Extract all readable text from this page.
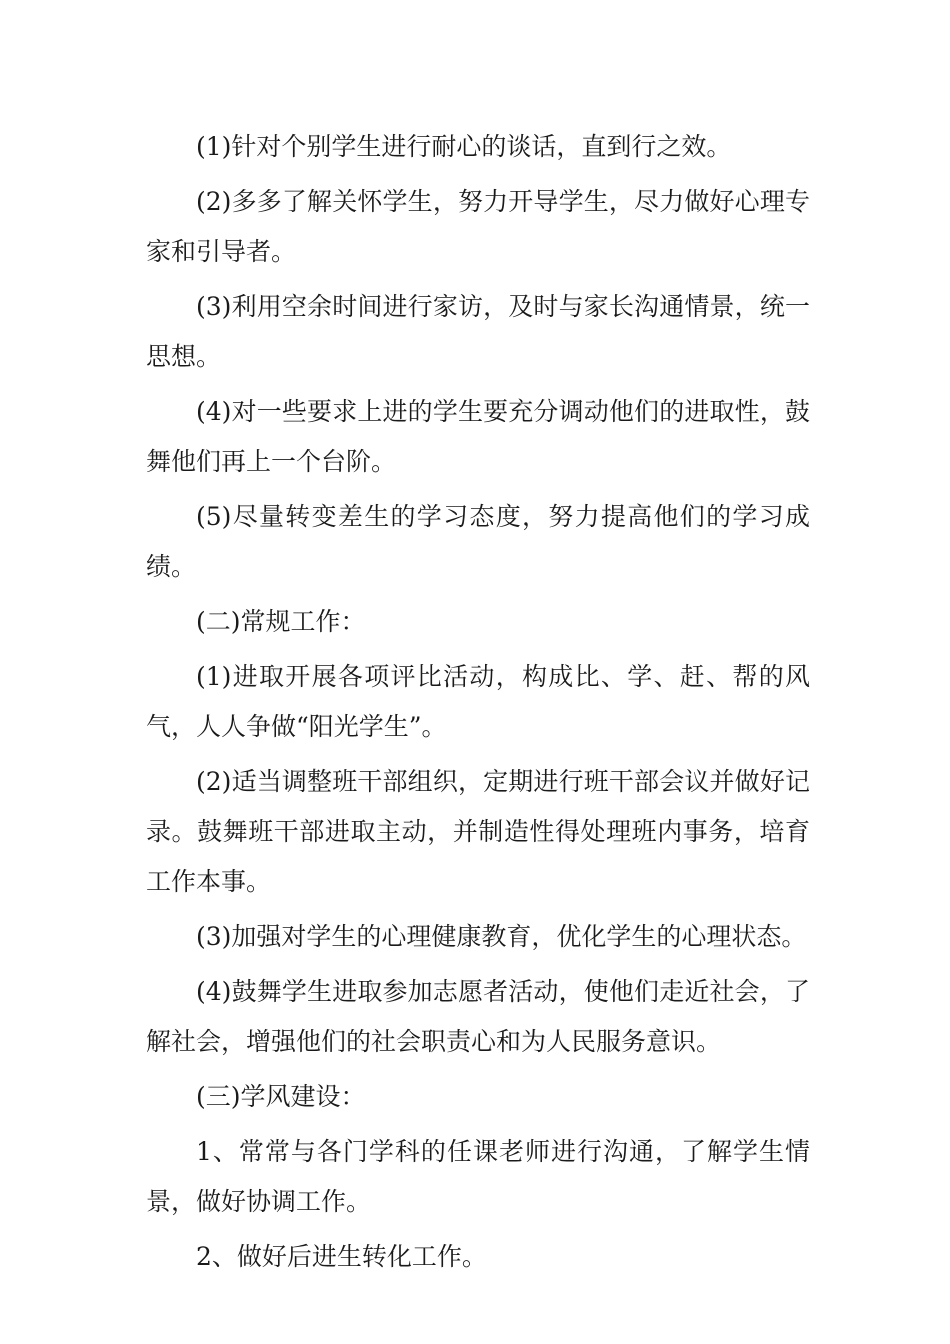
(1)针对个别学生进行耐心的谈话，直到行之效。

(2)多多了解关怀学生，努力开导学生，尽力做好心理专家和引导者。

(3)利用空余时间进行家访，及时与家长沟通情景，统一思想。

(4)对一些要求上进的学生要充分调动他们的进取性，鼓舞他们再上一个台阶。

(5)尽量转变差生的学习态度，努力提高他们的学习成绩。

(二)常规工作：

(1)进取开展各项评比活动，构成比、学、赶、帮的风气，人人争做“阳光学生”。

(2)适当调整班干部组织，定期进行班干部会议并做好记录。鼓舞班干部进取主动，并制造性得处理班内事务，培育工作本事。

(3)加强对学生的心理健康教育，优化学生的心理状态。

(4)鼓舞学生进取参加志愿者活动，使他们走近社会，了解社会，增强他们的社会职责心和为人民服务意识。

(三)学风建设：

1、常常与各门学科的任课老师进行沟通，了解学生情景，做好协调工作。

2、做好后进生转化工作。
